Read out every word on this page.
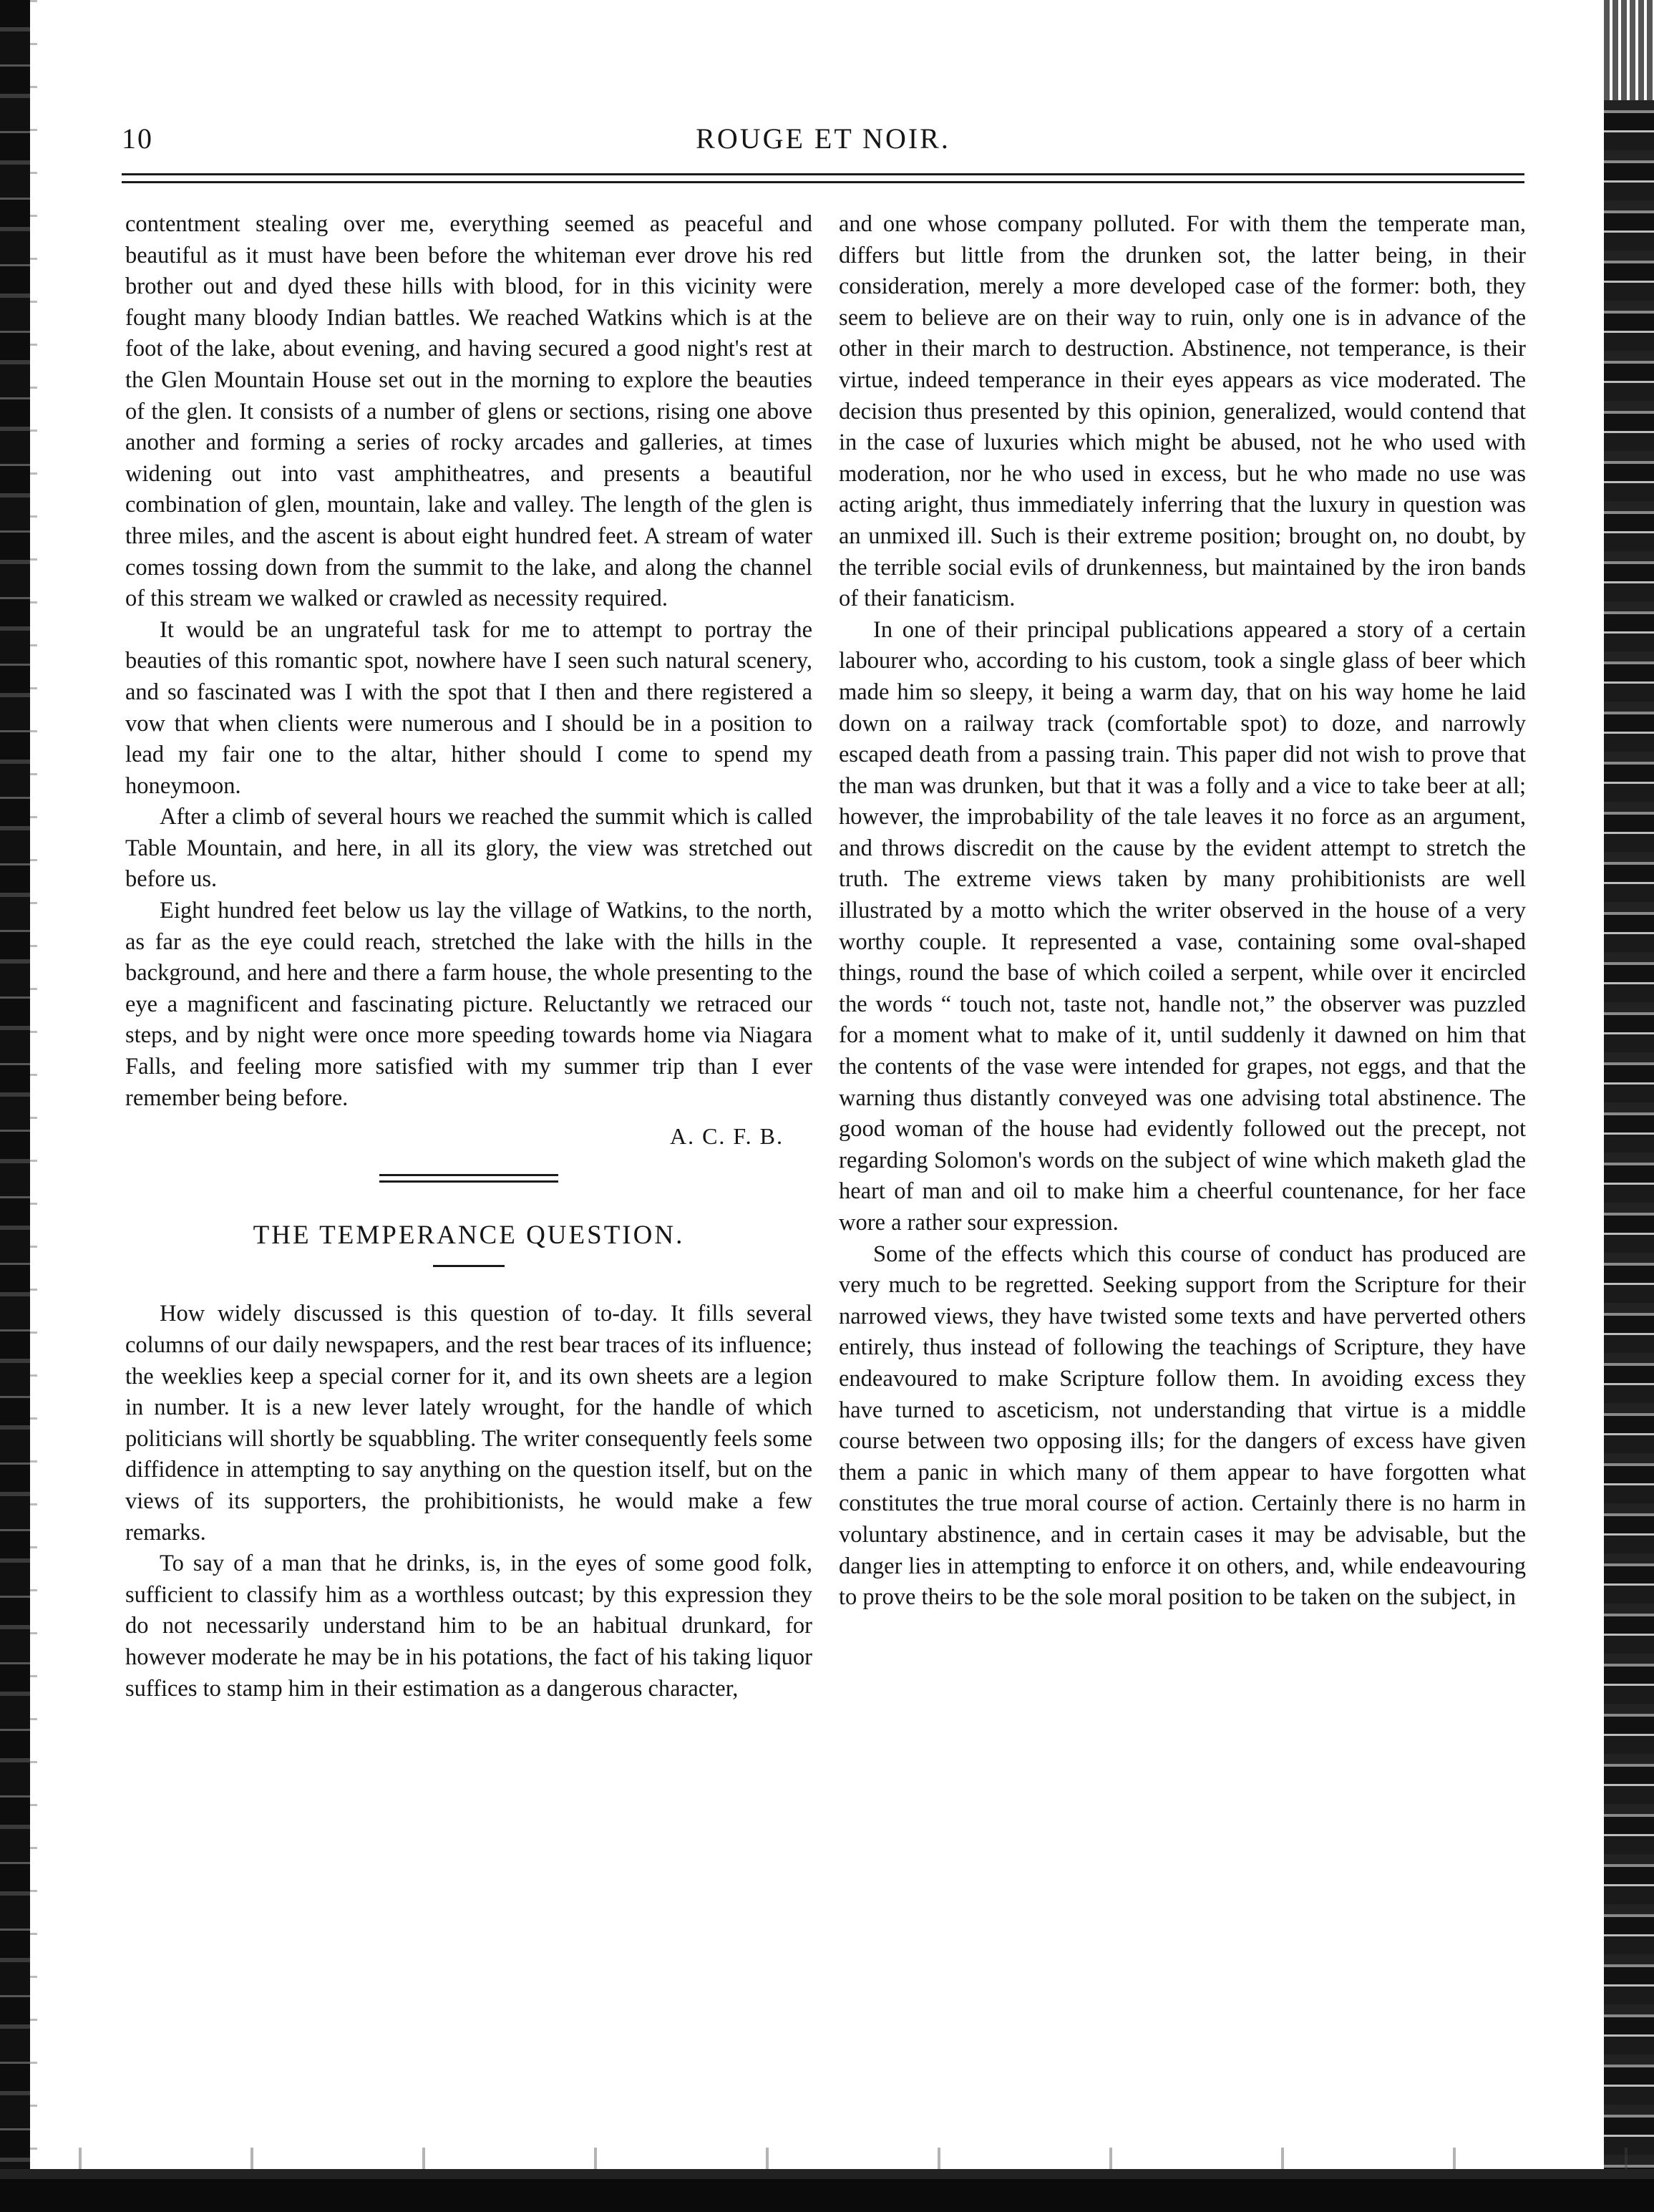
10	ROUGE ET NOIR.

contentment stealing over me, everything seemed as peaceful and beautiful as it must have been before the whiteman ever drove his red brother out and dyed these hills with blood, for in this vicinity were fought many bloody Indian battles. We reached Watkins which is at the foot of the lake, about evening, and having secured a good night's rest at the Glen Mountain House set out in the morning to explore the beauties of the glen. It consists of a number of glens or sections, rising one above another and forming a series of rocky arcades and galleries, at times widening out into vast amphitheatres, and presents a beautiful combination of glen, mountain, lake and valley. The length of the glen is three miles, and the ascent is about eight hundred feet. A stream of water comes tossing down from the summit to the lake, and along the channel of this stream we walked or crawled as necessity required.

It would be an ungrateful task for me to attempt to portray the beauties of this romantic spot, nowhere have I seen such natural scenery, and so fascinated was I with the spot that I then and there registered a vow that when clients were numerous and I should be in a position to lead my fair one to the altar, hither should I come to spend my honeymoon.

After a climb of several hours we reached the summit which is called Table Mountain, and here, in all its glory, the view was stretched out before us.

Eight hundred feet below us lay the village of Watkins, to the north, as far as the eye could reach, stretched the lake with the hills in the background, and here and there a farm house, the whole presenting to the eye a magnificent and fascinating picture. Reluctantly we retraced our steps, and by night were once more speeding towards home via Niagara Falls, and feeling more satisfied with my summer trip than I ever remember being before.

A. C. F. B.
THE TEMPERANCE QUESTION.

How widely discussed is this question of to-day. It fills several columns of our daily newspapers, and the rest bear traces of its influence; the weeklies keep a special corner for it, and its own sheets are a legion in number. It is a new lever lately wrought, for the handle of which politicians will shortly be squabbling. The writer consequently feels some diffidence in attempting to say anything on the question itself, but on the views of its supporters, the prohibitionists, he would make a few remarks.

To say of a man that he drinks, is, in the eyes of some good folk, sufficient to classify him as a worthless outcast; by this expression they do not necessarily understand him to be an habitual drunkard, for however moderate he may be in his potations, the fact of his taking liquor suffices to stamp him in their estimation as a dangerous character,

and one whose company polluted. For with them the temperate man, differs but little from the drunken sot, the latter being, in their consideration, merely a more developed case of the former: both, they seem to believe are on their way to ruin, only one is in advance of the other in their march to destruction. Abstinence, not temperance, is their virtue, indeed temperance in their eyes appears as vice moderated. The decision thus presented by this opinion, generalized, would contend that in the case of luxuries which might be abused, not he who used with moderation, nor he who used in excess, but he who made no use was acting aright, thus immediately inferring that the luxury in question was an unmixed ill. Such is their extreme position; brought on, no doubt, by the terrible social evils of drunkenness, but maintained by the iron bands of their fanaticism.

In one of their principal publications appeared a story of a certain labourer who, according to his custom, took a single glass of beer which made him so sleepy, it being a warm day, that on his way home he laid down on a railway track (comfortable spot) to doze, and narrowly escaped death from a passing train. This paper did not wish to prove that the man was drunken, but that it was a folly and a vice to take beer at all; however, the improbability of the tale leaves it no force as an argument, and throws discredit on the cause by the evident attempt to stretch the truth. The extreme views taken by many prohibitionists are well illustrated by a motto which the writer observed in the house of a very worthy couple. It represented a vase, containing some oval-shaped things, round the base of which coiled a serpent, while over it encircled the words “ touch not, taste not, handle not,” the observer was puzzled for a moment what to make of it, until suddenly it dawned on him that the contents of the vase were intended for grapes, not eggs, and that the warning thus distantly conveyed was one advising total abstinence. The good woman of the house had evidently followed out the precept, not regarding Solomon's words on the subject of wine which maketh glad the heart of man and oil to make him a cheerful countenance, for her face wore a rather sour expression.

Some of the effects which this course of conduct has produced are very much to be regretted. Seeking support from the Scripture for their narrowed views, they have twisted some texts and have perverted others entirely, thus instead of following the teachings of Scripture, they have endeavoured to make Scripture follow them. In avoiding excess they have turned to asceticism, not understanding that virtue is a middle course between two opposing ills; for the dangers of excess have given them a panic in which many of them appear to have forgotten what constitutes the true moral course of action. Certainly there is no harm in voluntary abstinence, and in certain cases it may be advisable, but the danger lies in attempting to enforce it on others, and, while endeavouring to prove theirs to be the sole moral position to be taken on the subject, in
